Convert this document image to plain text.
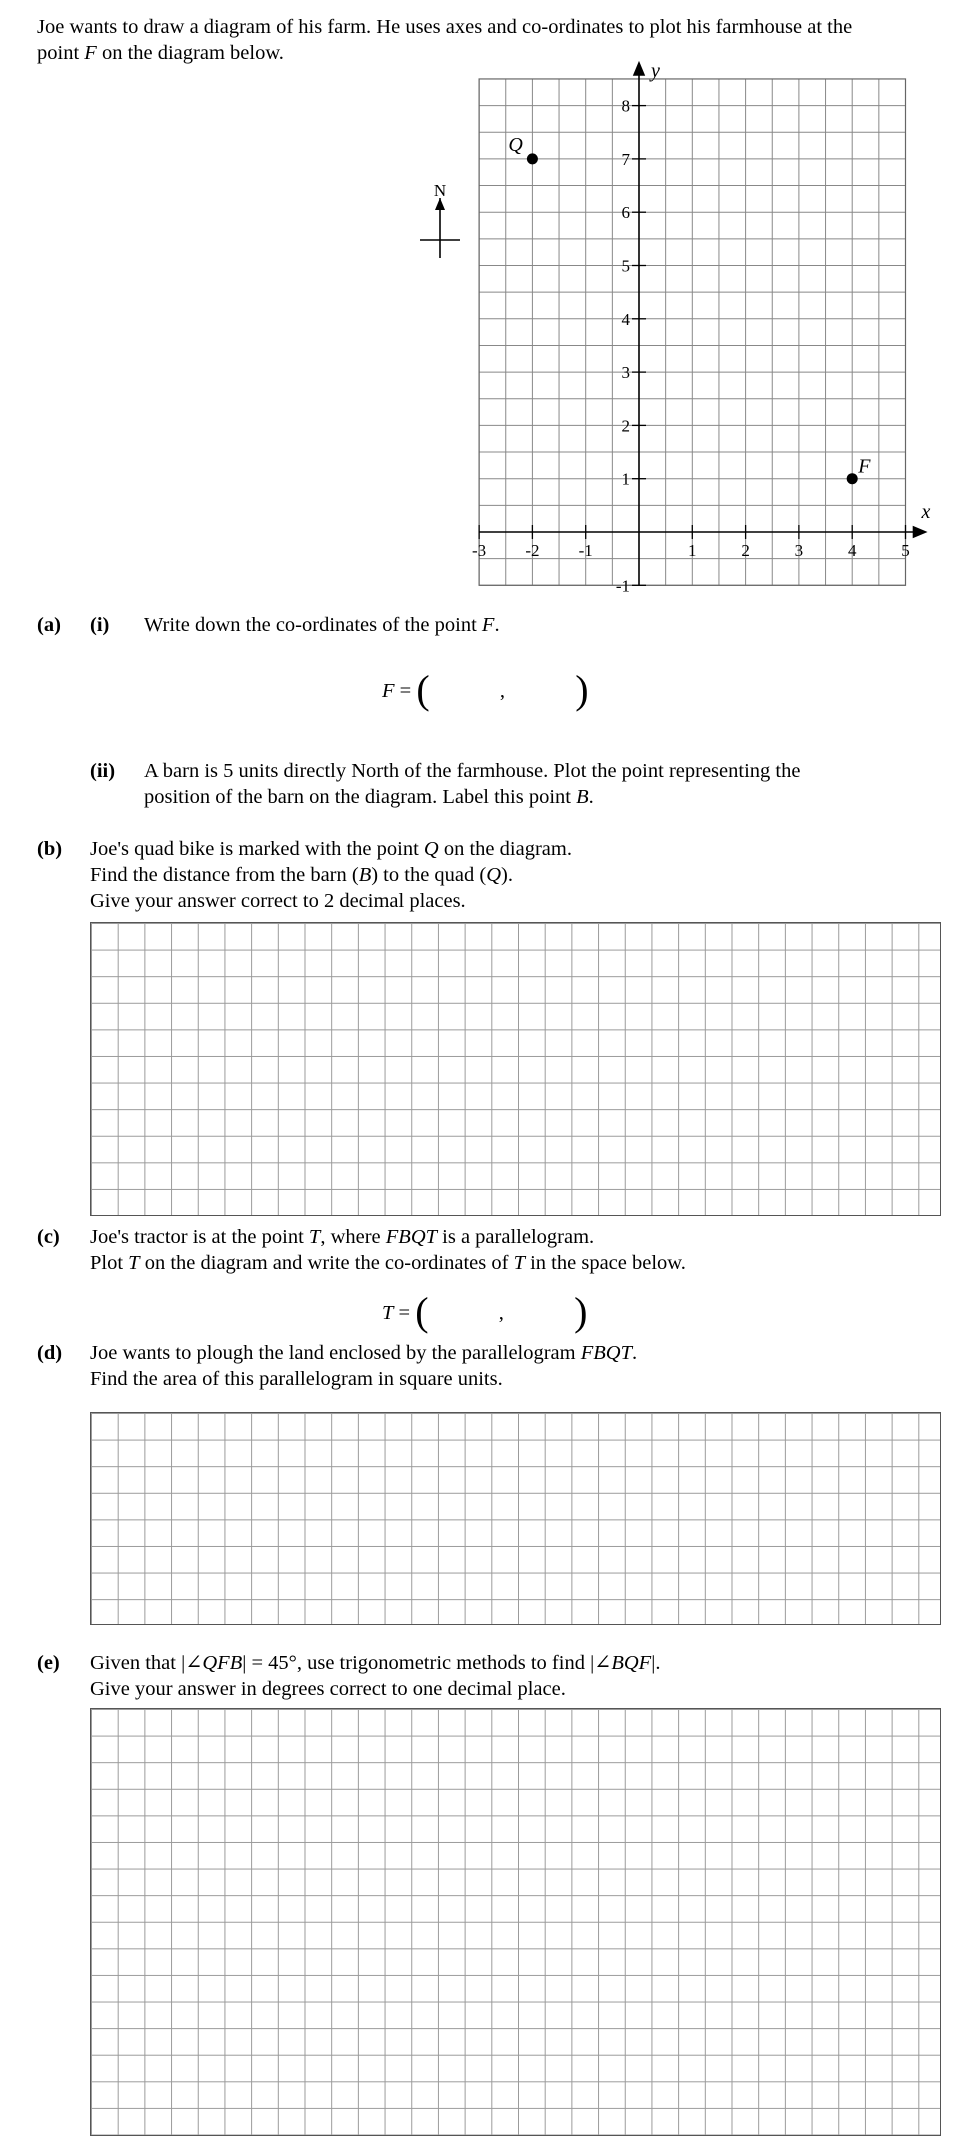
Joe wants to draw a diagram of his farm. He uses axes and co-ordinates to plot his farmhouse at the
point F on the diagram below.
-3 -2 -1	1	2	3	4	5
-1
1
2
3
4
5
6
7
8
x
y
Q
F
N
(a) (i) Write down the co-ordinates of the point F.
F = (	, )
(ii) A barn is 5 units directly North of the farmhouse. Plot the point representing the
position of the barn on the diagram. Label this point B.
(b) Joe's quad bike is marked with the point Q on the diagram.
Find the distance from the barn (B) to the quad (Q).
Give your answer correct to 2 decimal places.
(c) Joe's tractor is at the point T, where FBQT is a parallelogram.
Plot T on the diagram and write the co-ordinates of T in the space below.
T = (	, )
(d) Joe wants to plough the land enclosed by the parallelogram FBQT.
Find the area of this parallelogram in square units.
(e) Given that |∠QFB| = 45°, use trigonometric methods to find |∠BQF|.
Give your answer in degrees correct to one decimal place.
